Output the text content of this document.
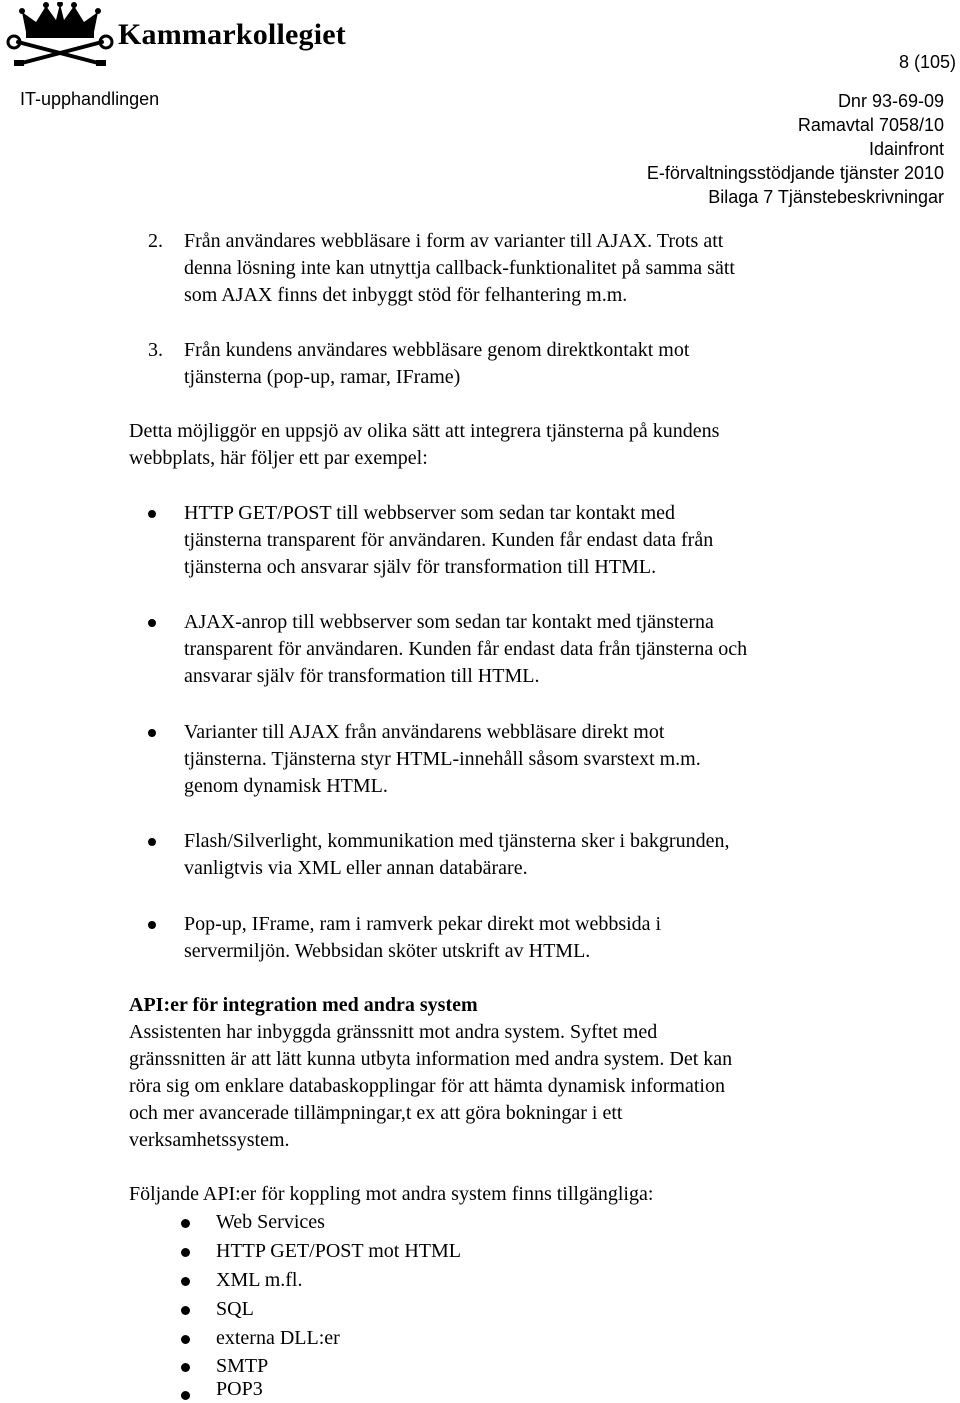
Kammarkollegiet
8 (105)
IT-upphandlingen	Dnr 93-69-09
Ramavtal 7058/10
Idainfront
E-förvaltningsstödjande tjänster 2010
Bilaga 7 Tjänstebeskrivningar
2. Från användares webbläsare i form av varianter till AJAX. Trots att
denna lösning inte kan utnyttja callback-funktionalitet på samma sätt
som AJAX finns det inbyggt stöd för felhantering m.m.
3. Från kundens användares webbläsare genom direktkontakt mot
tjänsterna (pop-up, ramar, IFrame)
Detta möjliggör en uppsjö av olika sätt att integrera tjänsterna på kundens
webbplats, här följer ett par exempel:
HTTP GET/POST till webbserver som sedan tar kontakt med
tjänsterna transparent för användaren. Kunden får endast data från
tjänsterna och ansvarar själv för transformation till HTML.
AJAX-anrop till webbserver som sedan tar kontakt med tjänsterna
transparent för användaren. Kunden får endast data från tjänsterna och
ansvarar själv för transformation till HTML.
Varianter till AJAX från användarens webbläsare direkt mot
tjänsterna. Tjänsterna styr HTML-innehåll såsom svarstext m.m.
genom dynamisk HTML.
Flash/Silverlight, kommunikation med tjänsterna sker i bakgrunden,
vanligtvis via XML eller annan databärare.
Pop-up, IFrame, ram i ramverk pekar direkt mot webbsida i
servermiljön. Webbsidan sköter utskrift av HTML.
API:er för integration med andra system
Assistenten har inbyggda gränssnitt mot andra system. Syftet med
gränssnitten är att lätt kunna utbyta information med andra system. Det kan
röra sig om enklare databaskopplingar för att hämta dynamisk information
och mer avancerade tillämpningar,t ex att göra bokningar i ett
verksamhetssystem.
Följande API:er för koppling mot andra system finns tillgängliga:
Web Services
HTTP GET/POST mot HTML
XML m.fl.
SQL
externa DLL:er
SMTP
POP3
